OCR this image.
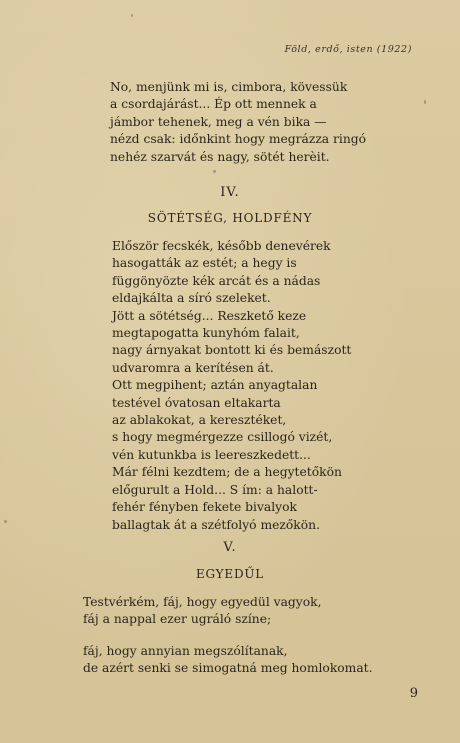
Föld, erdő, isten (1922)
No, menjünk mi is, cimbora, kövessük
a csordajárást... Ép ott mennek a
jámbor tehenek, meg a vén bika —
nézd csak: időnkint hogy megrázza ringó
nehéz szarvát és nagy, sötét herèit.
IV.
SÖTÉTSÉG, HOLDFÉNY
Először fecskék, később denevérek
hasogatták az estét; a hegy is
függönyözte kék arcát és a nádas
eldajkálta a síró szeleket.
Jött a sötétség... Reszkető keze
megtapogatta kunyhóm falait,
nagy árnyakat bontott ki és bemászott
udvaromra a kerítésen át.
Ott megpihent; aztán anyagtalan
testével óvatosan eltakarta
az ablakokat, a keresztéket,
s hogy megmérgezze csillogó vizét,
vén kutunkba is leereszkedett...
Már félni kezdtem; de a hegytetőkön
előgurult a Hold... S ím: a halott-
fehér fényben fekete bivalyok
ballagtak át a szétfolyó mezőkön.
V.
EGYEDŰL
Testvérkém, fáj, hogy egyedül vagyok,
fáj a nappal ezer ugráló színe;
fáj, hogy annyian megszólítanak,
de azért senki se simogatná meg homlokomat.
9
